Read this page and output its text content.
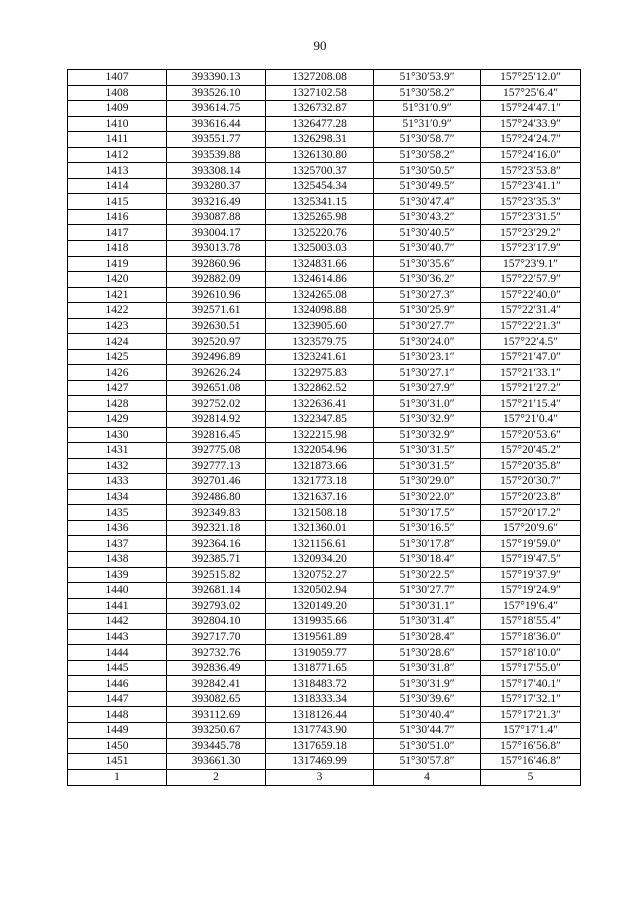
90
1407	393390.13	1327208.08	51°30′53.9″	157°25′12.0″
1408	393526.10	1327102.58	51°30′58.2″	157°25′6.4″
1409	393614.75	1326732.87	51°31′0.9″	157°24′47.1″
1410	393616.44	1326477.28	51°31′0.9″	157°24′33.9″
1411	393551.77	1326298.31	51°30′58.7″	157°24′24.7″
1412	393539.88	1326130.80	51°30′58.2″	157°24′16.0″
1413	393308.14	1325700.37	51°30′50.5″	157°23′53.8″
1414	393280.37	1325454.34	51°30′49.5″	157°23′41.1″
1415	393216.49	1325341.15	51°30′47.4″	157°23′35.3″
1416	393087.88	1325265.98	51°30′43.2″	157°23′31.5″
1417	393004.17	1325220.76	51°30′40.5″	157°23′29.2″
1418	393013.78	1325003.03	51°30′40.7″	157°23′17.9″
1419	392860.96	1324831.66	51°30′35.6″	157°23′9.1″
1420	392882.09	1324614.86	51°30′36.2″	157°22′57.9″
1421	392610.96	1324265.08	51°30′27.3″	157°22′40.0″
1422	392571.61	1324098.88	51°30′25.9″	157°22′31.4″
1423	392630.51	1323905.60	51°30′27.7″	157°22′21.3″
1424	392520.97	1323579.75	51°30′24.0″	157°22′4.5″
1425	392496.89	1323241.61	51°30′23.1″	157°21′47.0″
1426	392626.24	1322975.83	51°30′27.1″	157°21′33.1″
1427	392651.08	1322862.52	51°30′27.9″	157°21′27.2″
1428	392752.02	1322636.41	51°30′31.0″	157°21′15.4″
1429	392814.92	1322347.85	51°30′32.9″	157°21′0.4″
1430	392816.45	1322215.98	51°30′32.9″	157°20′53.6″
1431	392775.08	1322054.96	51°30′31.5″	157°20′45.2″
1432	392777.13	1321873.66	51°30′31.5″	157°20′35.8″
1433	392701.46	1321773.18	51°30′29.0″	157°20′30.7″
1434	392486.80	1321637.16	51°30′22.0″	157°20′23.8″
1435	392349.83	1321508.18	51°30′17.5″	157°20′17.2″
1436	392321.18	1321360.01	51°30′16.5″	157°20′9.6″
1437	392364.16	1321156.61	51°30′17.8″	157°19′59.0″
1438	392385.71	1320934.20	51°30′18.4″	157°19′47.5″
1439	392515.82	1320752.27	51°30′22.5″	157°19′37.9″
1440	392681.14	1320502.94	51°30′27.7″	157°19′24.9″
1441	392793.02	1320149.20	51°30′31.1″	157°19′6.4″
1442	392804.10	1319935.66	51°30′31.4″	157°18′55.4″
1443	392717.70	1319561.89	51°30′28.4″	157°18′36.0″
1444	392732.76	1319059.77	51°30′28.6″	157°18′10.0″
1445	392836.49	1318771.65	51°30′31.8″	157°17′55.0″
1446	392842.41	1318483.72	51°30′31.9″	157°17′40.1″
1447	393082.65	1318333.34	51°30′39.6″	157°17′32.1″
1448	393112.69	1318126.44	51°30′40.4″	157°17′21.3″
1449	393250.67	1317743.90	51°30′44.7″	157°17′1.4″
1450	393445.78	1317659.18	51°30′51.0″	157°16′56.8″
1451	393661.30	1317469.99	51°30′57.8″	157°16′46.8″
1	2	3	4	5
